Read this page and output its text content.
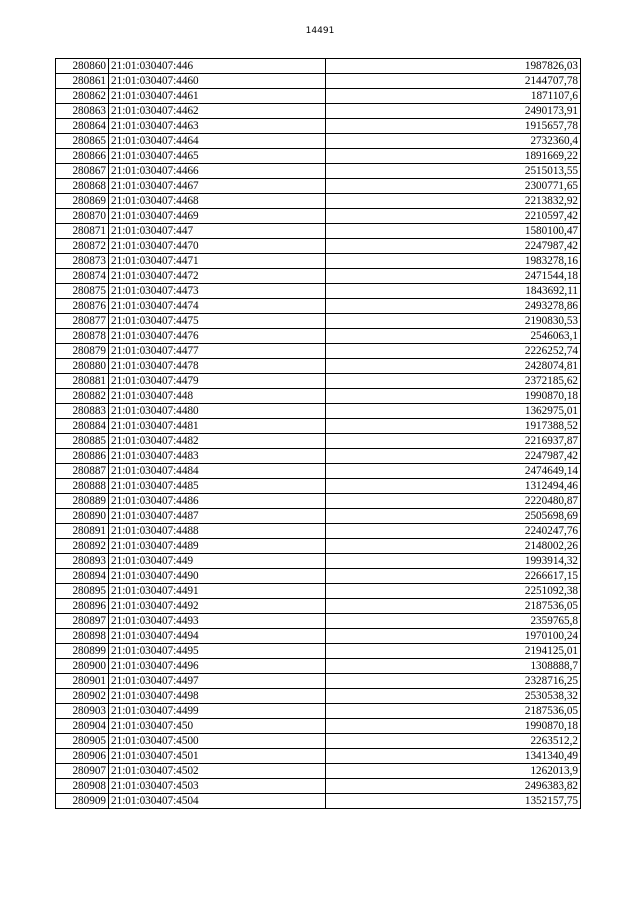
14491
280860	21:01:030407:446	1987826,03
280861	21:01:030407:4460	2144707,78
280862	21:01:030407:4461	1871107,6
280863	21:01:030407:4462	2490173,91
280864	21:01:030407:4463	1915657,78
280865	21:01:030407:4464	2732360,4
280866	21:01:030407:4465	1891669,22
280867	21:01:030407:4466	2515013,55
280868	21:01:030407:4467	2300771,65
280869	21:01:030407:4468	2213832,92
280870	21:01:030407:4469	2210597,42
280871	21:01:030407:447	1580100,47
280872	21:01:030407:4470	2247987,42
280873	21:01:030407:4471	1983278,16
280874	21:01:030407:4472	2471544,18
280875	21:01:030407:4473	1843692,11
280876	21:01:030407:4474	2493278,86
280877	21:01:030407:4475	2190830,53
280878	21:01:030407:4476	2546063,1
280879	21:01:030407:4477	2226252,74
280880	21:01:030407:4478	2428074,81
280881	21:01:030407:4479	2372185,62
280882	21:01:030407:448	1990870,18
280883	21:01:030407:4480	1362975,01
280884	21:01:030407:4481	1917388,52
280885	21:01:030407:4482	2216937,87
280886	21:01:030407:4483	2247987,42
280887	21:01:030407:4484	2474649,14
280888	21:01:030407:4485	1312494,46
280889	21:01:030407:4486	2220480,87
280890	21:01:030407:4487	2505698,69
280891	21:01:030407:4488	2240247,76
280892	21:01:030407:4489	2148002,26
280893	21:01:030407:449	1993914,32
280894	21:01:030407:4490	2266617,15
280895	21:01:030407:4491	2251092,38
280896	21:01:030407:4492	2187536,05
280897	21:01:030407:4493	2359765,8
280898	21:01:030407:4494	1970100,24
280899	21:01:030407:4495	2194125,01
280900	21:01:030407:4496	1308888,7
280901	21:01:030407:4497	2328716,25
280902	21:01:030407:4498	2530538,32
280903	21:01:030407:4499	2187536,05
280904	21:01:030407:450	1990870,18
280905	21:01:030407:4500	2263512,2
280906	21:01:030407:4501	1341340,49
280907	21:01:030407:4502	1262013,9
280908	21:01:030407:4503	2496383,82
280909	21:01:030407:4504	1352157,75
